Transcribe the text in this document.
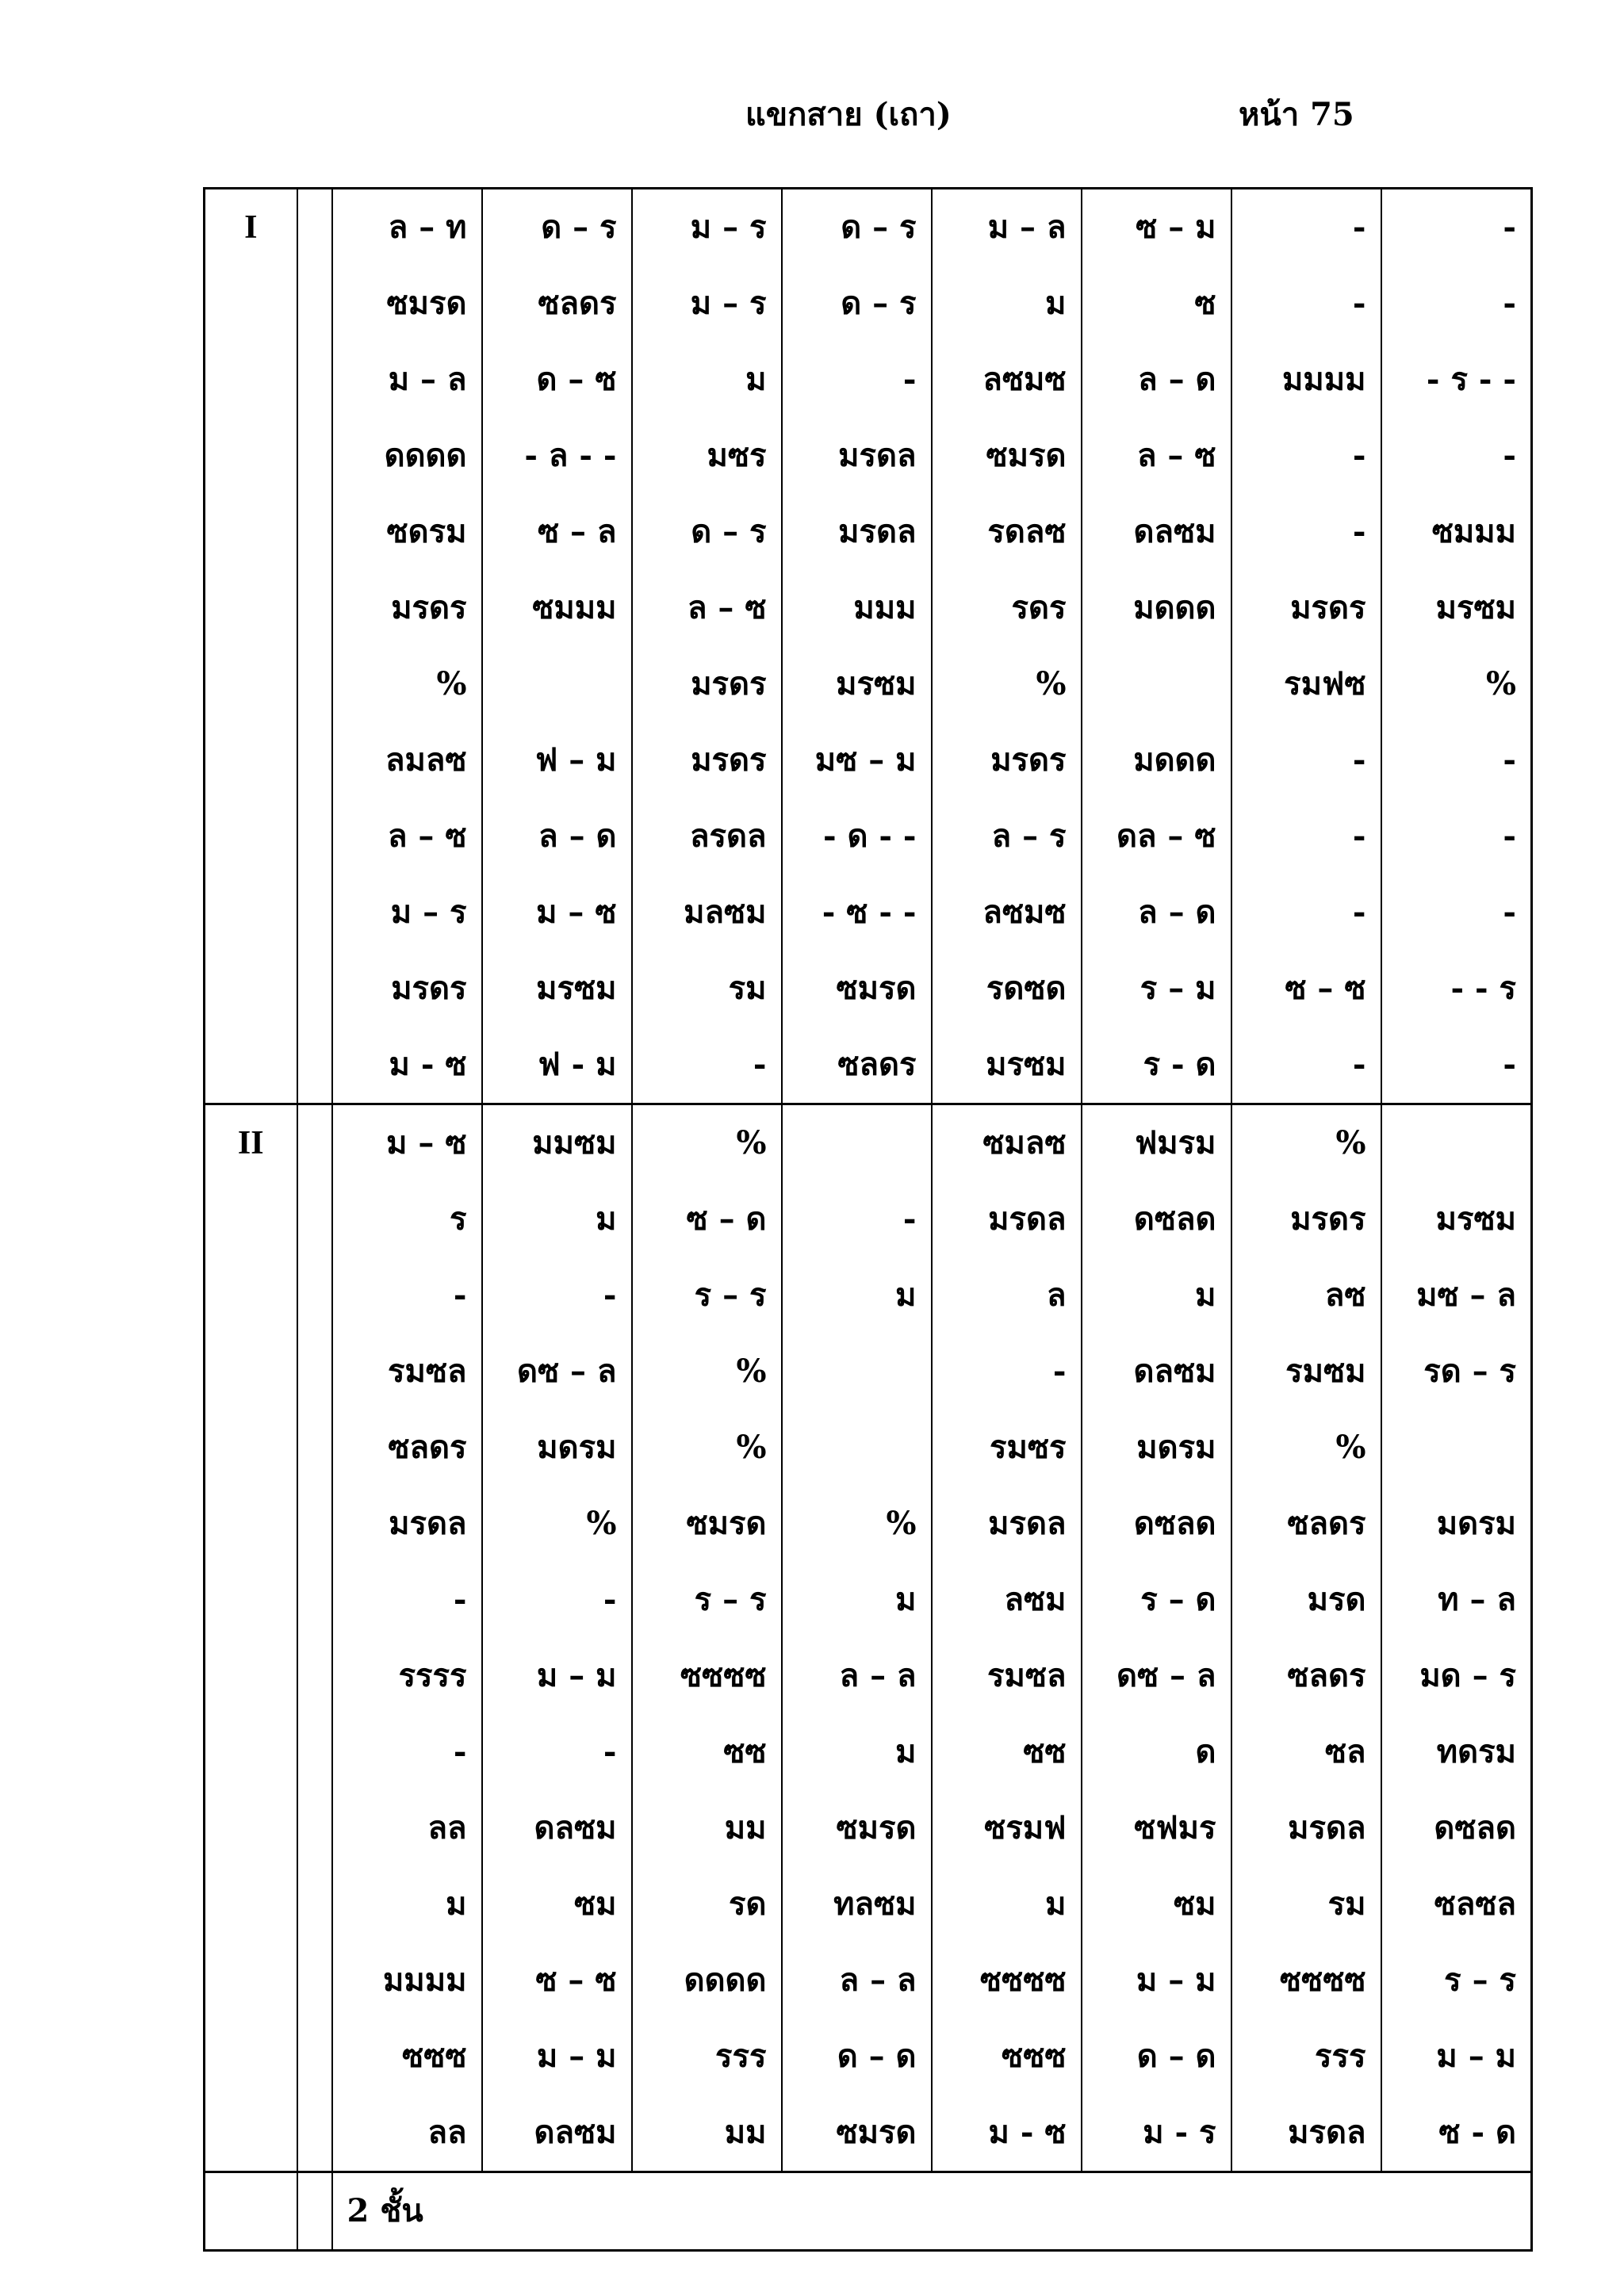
แขกสาย (เถา)	หน้า 75
I		ล – ท	ด – ร	ม – ร	ด – ร	ม – ล	ซ – ม	-	-
		ซมรด	ซลดร	ม – ร	ด – ร	ม	ซ	-	-
		ม – ล	ด – ซ	ม	-	ลซมซ	ล – ด	มมมม	- ร - -
		ดดดด	- ล - -	มซร	มรดล	ซมรด	ล – ซ	-	-
		ซดรม	ซ – ล	ด – ร	มรดล	รดลซ	ดลซม	-	ซมมม
		มรดร	ซมมม	ล – ซ	มมม	รดร	มดดด	มรดร	มรซม
		%		มรดร	มรซม	%		รมฟซ	%
		ลมลซ	ฟ – ม	มรดร	มซ – ม	มรดร	มดดด	-	-
		ล – ซ	ล – ด	ลรดล	- ด - -	ล – ร	ดล – ซ	-	-
		ม – ร	ม – ซ	มลซม	- ซ - -	ลซมซ	ล – ด	-	-
		มรดร	มรซม	รม	ซมรด	รดซด	ร – ม	ซ – ซ	- - ร
		ม - ซ	ฟ - ม	-	ซลดร	มรซม	ร - ด	-	-
II		ม – ซ	มมซม	%		ซมลซ	ฟมรม	%	
		ร	ม	ซ – ด	-	มรดล	ดซลด	มรดร	มรซม
		-	-	ร – ร	ม	ล	ม	ลซ	มซ – ล
		รมซล	ดซ – ล	%		-	ดลซม	รมซม	รด – ร
		ซลดร	มดรม	%		รมซร	มดรม	%	
		มรดล	%	ซมรด	%	มรดล	ดซลด	ซลดร	มดรม
		-	-	ร – ร	ม	ลซม	ร – ด	มรด	ท – ล
		รรรร	ม – ม	ซซซซ	ล – ล	รมซล	ดซ – ล	ซลดร	มด – ร
		-	-	ซซ	ม	ซซ	ด	ซล	ทดรม
		ลล	ดลซม	มม	ซมรด	ซรมฟ	ซฟมร	มรดล	ดซลด
		ม	ซม	รด	ทลซม	ม	ซม	รม	ซลซล
		มมมม	ซ – ซ	ดดดด	ล – ล	ซซซซ	ม – ม	ซซซซ	ร – ร
		ซซซ	ม – ม	รรร	ด – ด	ซซซ	ด – ด	รรร	ม – ม
		ลล	ดลซม	มม	ซมรด	ม - ซ	ม - ร	มรดล	ซ - ด
		2 ชั้น							
